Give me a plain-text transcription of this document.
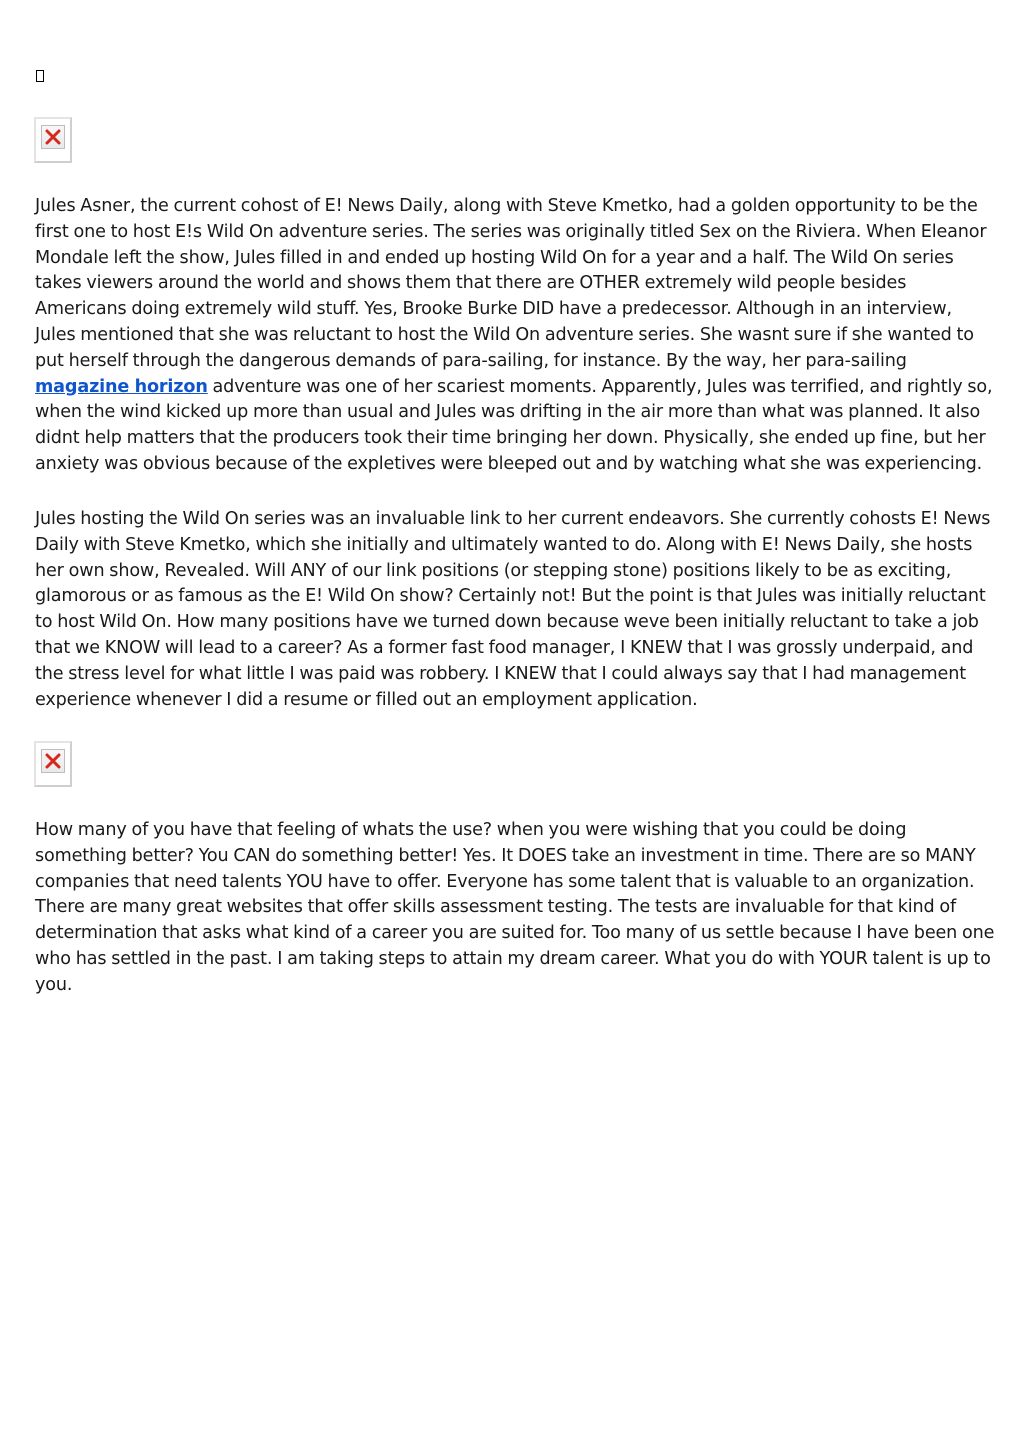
Jules Asner, the current cohost of E! News Daily, along with Steve Kmetko, had a golden opportunity to be the first one to host E!s Wild On adventure series. The series was originally titled Sex on the Riviera. When Eleanor Mondale left the show, Jules filled in and ended up hosting Wild On for a year and a half. The Wild On series takes viewers around the world and shows them that there are OTHER extremely wild people besides Americans doing extremely wild stuff. Yes, Brooke Burke DID have a predecessor. Although in an interview, Jules mentioned that she was reluctant to host the Wild On adventure series. She wasnt sure if she wanted to put herself through the dangerous demands of para-sailing, for instance. By the way, her para-sailing magazine horizon adventure was one of her scariest moments. Apparently, Jules was terrified, and rightly so, when the wind kicked up more than usual and Jules was drifting in the air more than what was planned. It also didnt help matters that the producers took their time bringing her down. Physically, she ended up fine, but her anxiety was obvious because of the expletives were bleeped out and by watching what she was experiencing.

Jules hosting the Wild On series was an invaluable link to her current endeavors. She currently cohosts E! News Daily with Steve Kmetko, which she initially and ultimately wanted to do. Along with E! News Daily, she hosts her own show, Revealed. Will ANY of our link positions (or stepping stone) positions likely to be as exciting, glamorous or as famous as the E! Wild On show? Certainly not! But the point is that Jules was initially reluctant to host Wild On. How many positions have we turned down because weve been initially reluctant to take a job that we KNOW will lead to a career? As a former fast food manager, I KNEW that I was grossly underpaid, and the stress level for what little I was paid was robbery. I KNEW that I could always say that I had management experience whenever I did a resume or filled out an employment application.

How many of you have that feeling of whats the use? when you were wishing that you could be doing something better? You CAN do something better! Yes. It DOES take an investment in time. There are so MANY companies that need talents YOU have to offer. Everyone has some talent that is valuable to an organization. There are many great websites that offer skills assessment testing. The tests are invaluable for that kind of determination that asks what kind of a career you are suited for. Too many of us settle because I have been one who has settled in the past. I am taking steps to attain my dream career. What you do with YOUR talent is up to you.
